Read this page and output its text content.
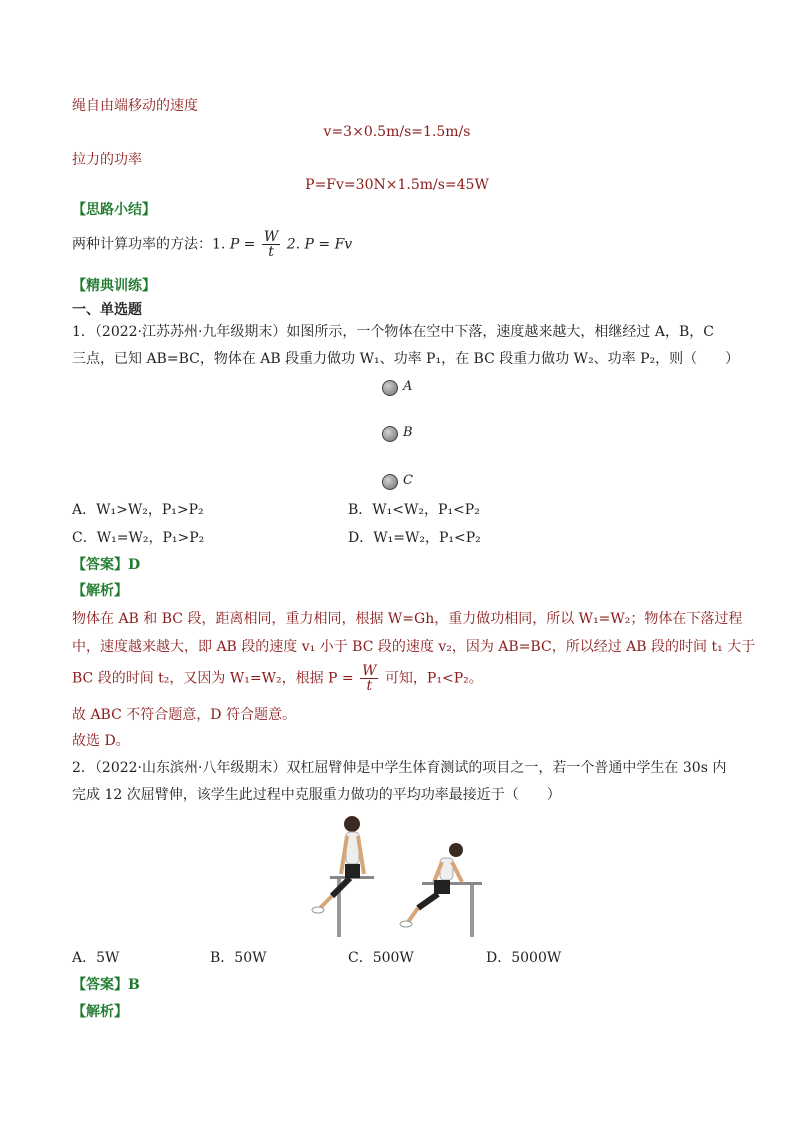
绳自由端移动的速度
v=3×0.5m/s=1.5m/s
拉力的功率
P=Fv=30N×1.5m/s=45W
【思路小结】
两种计算功率的方法：1. $P = \frac{W}{t} 2$. P = Fv
【精典训练】
一、单选题
1．（2022·江苏苏州·九年级期末）如图所示，一个物体在空中下落，速度越来越大，相继经过 A，B，C
三点，已知 AB=BC，物体在 AB 段重力做功 W₁、功率 P₁，在 BC 段重力做功 W₂、功率 P₂，则（　　）
A
B
C
A．W₁>W₂，P₁>P₂	B．W₁<W₂，P₁<P₂
C．W₁=W₂，P₁>P₂	D．W₁=W₂，P₁<P₂
【答案】D
【解析】
物体在 AB 和 BC 段，距离相同，重力相同，根据 W=Gh，重力做功相同，所以 W₁=W₂；物体在下落过程
中，速度越来越大，即 AB 段的速度 v₁ 小于 BC 段的速度 v₂，因为 AB=BC，所以经过 AB 段的时间 t₁ 大于
BC 段的时间 t₂，又因为 W₁=W₂，根据 $P = \frac{W}{t}$ 可知，P₁<P₂。
故 ABC 不符合题意，D 符合题意。
故选 D。
2．（2022·山东滨州·八年级期末）双杠屈臂伸是中学生体育测试的项目之一，若一个普通中学生在 30s 内
完成 12 次屈臂伸，该学生此过程中克服重力做功的平均功率最接近于（　　）
A．5W	B．50W	C．500W	D．5000W
【答案】B
【解析】
